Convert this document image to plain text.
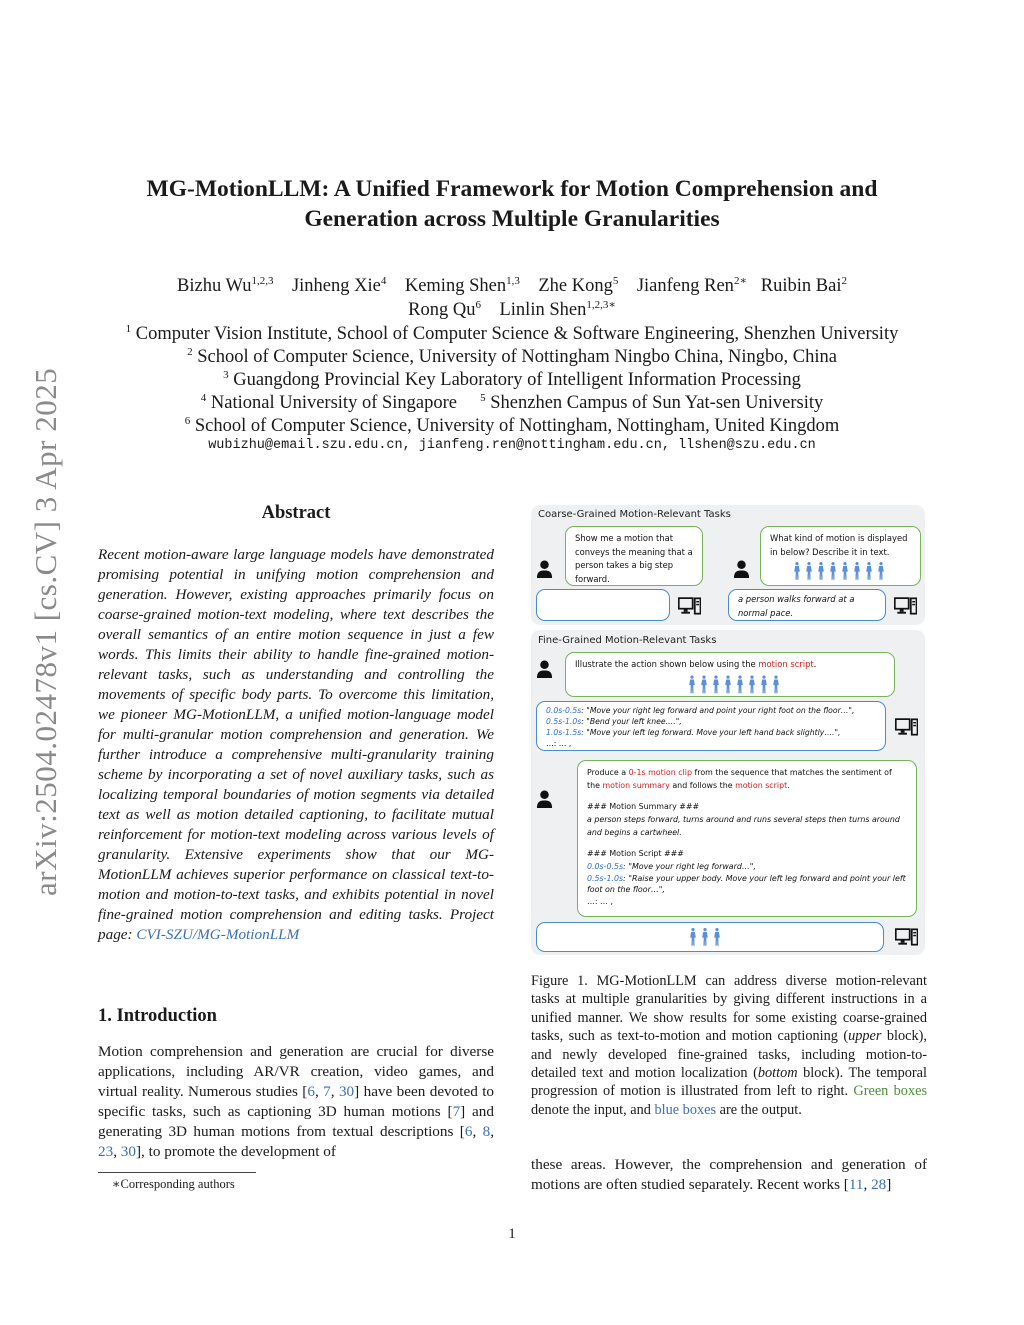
arXiv:2504.02478v1 [cs.CV] 3 Apr 2025
MG-MotionLLM: A Unified Framework for Motion Comprehension and
Generation across Multiple Granularities
Bizhu Wu$^{1,2,3}$ Jinheng Xie$^4$ Keming Shen$^{1,3}$ Zhe Kong$^5$ Jianfeng Ren$^{2∗}$ Ruibin Bai$^2$
Rong Qu$^6$ Linlin Shen$^{1,2,3∗}$
$^1$ Computer Vision Institute, School of Computer Science & Software Engineering, Shenzhen University
$^2$ School of Computer Science, University of Nottingham Ningbo China, Ningbo, China
$^3$ Guangdong Provincial Key Laboratory of Intelligent Information Processing
$^4$ National University of Singapore $^5$ Shenzhen Campus of Sun Yat-sen University
$^6$ School of Computer Science, University of Nottingham, Nottingham, United Kingdom
wubizhu@email.szu.edu.cn, jianfeng.ren@nottingham.edu.cn, llshen@szu.edu.cn
Abstract
Recent motion-aware large language models have demonstrated promising potential in unifying motion comprehension and generation. However, existing approaches primarily focus on coarse-grained motion-text modeling, where text describes the overall semantics of an entire motion sequence in just a few words. This limits their ability to handle fine-grained motion-relevant tasks, such as understanding and controlling the movements of specific body parts. To overcome this limitation, we pioneer MG-MotionLLM, a unified motion-language model for multi-granular motion comprehension and generation. We further introduce a comprehensive multi-granularity training scheme by incorporating a set of novel auxiliary tasks, such as localizing temporal boundaries of motion segments via detailed text as well as motion detailed captioning, to facilitate mutual reinforcement for motion-text modeling across various levels of granularity. Extensive experiments show that our MG-MotionLLM achieves superior performance on classical text-to-motion and motion-to-text tasks, and exhibits potential in novel fine-grained motion comprehension and editing tasks. Project page: CVI-SZU/MG-MotionLLM
1. Introduction
Motion comprehension and generation are crucial for diverse applications, including AR/VR creation, video games, and virtual reality. Numerous studies [6, 7, 30] have been devoted to specific tasks, such as captioning 3D human motions [7] and generating 3D human motions from textual descriptions [6, 8, 23, 30], to promote the development of
∗Corresponding authors
Coarse-Grained Motion-Relevant Tasks
Show me a motion that conveys the meaning that a person takes a big step forward.
What kind of motion is displayed in below? Describe it in text.
a person walks forward at a normal pace.
Fine-Grained Motion-Relevant Tasks
Illustrate the action shown below using the motion script.
0.0s-0.5s: "Move your right leg forward and point your right foot on the floor…",
0.5s-1.0s: "Bend your left knee….",
1.0s-1.5s: "Move your left leg forward. Move your left hand back slightly….",
…: … ,
Produce a 0-1s motion clip from the sequence that matches the sentiment of the motion summary and follows the motion script.
### Motion Summary ###
a person steps forward, turns around and runs several steps then turns around and begins a cartwheel.
### Motion Script ###
0.0s-0.5s: "Move your right leg forward…",
0.5s-1.0s: "Raise your upper body. Move your left leg forward and point your left foot on the floor…",
…: … ,
Figure 1. MG-MotionLLM can address diverse motion-relevant tasks at multiple granularities by giving different instructions in a unified manner. We show results for some existing coarse-grained tasks, such as text-to-motion and motion captioning (upper block), and newly developed fine-grained tasks, including motion-to-detailed text and motion localization (bottom block). The temporal progression of motion is illustrated from left to right. Green boxes denote the input, and blue boxes are the output.
these areas. However, the comprehension and generation of motions are often studied separately. Recent works [11, 28]
1
